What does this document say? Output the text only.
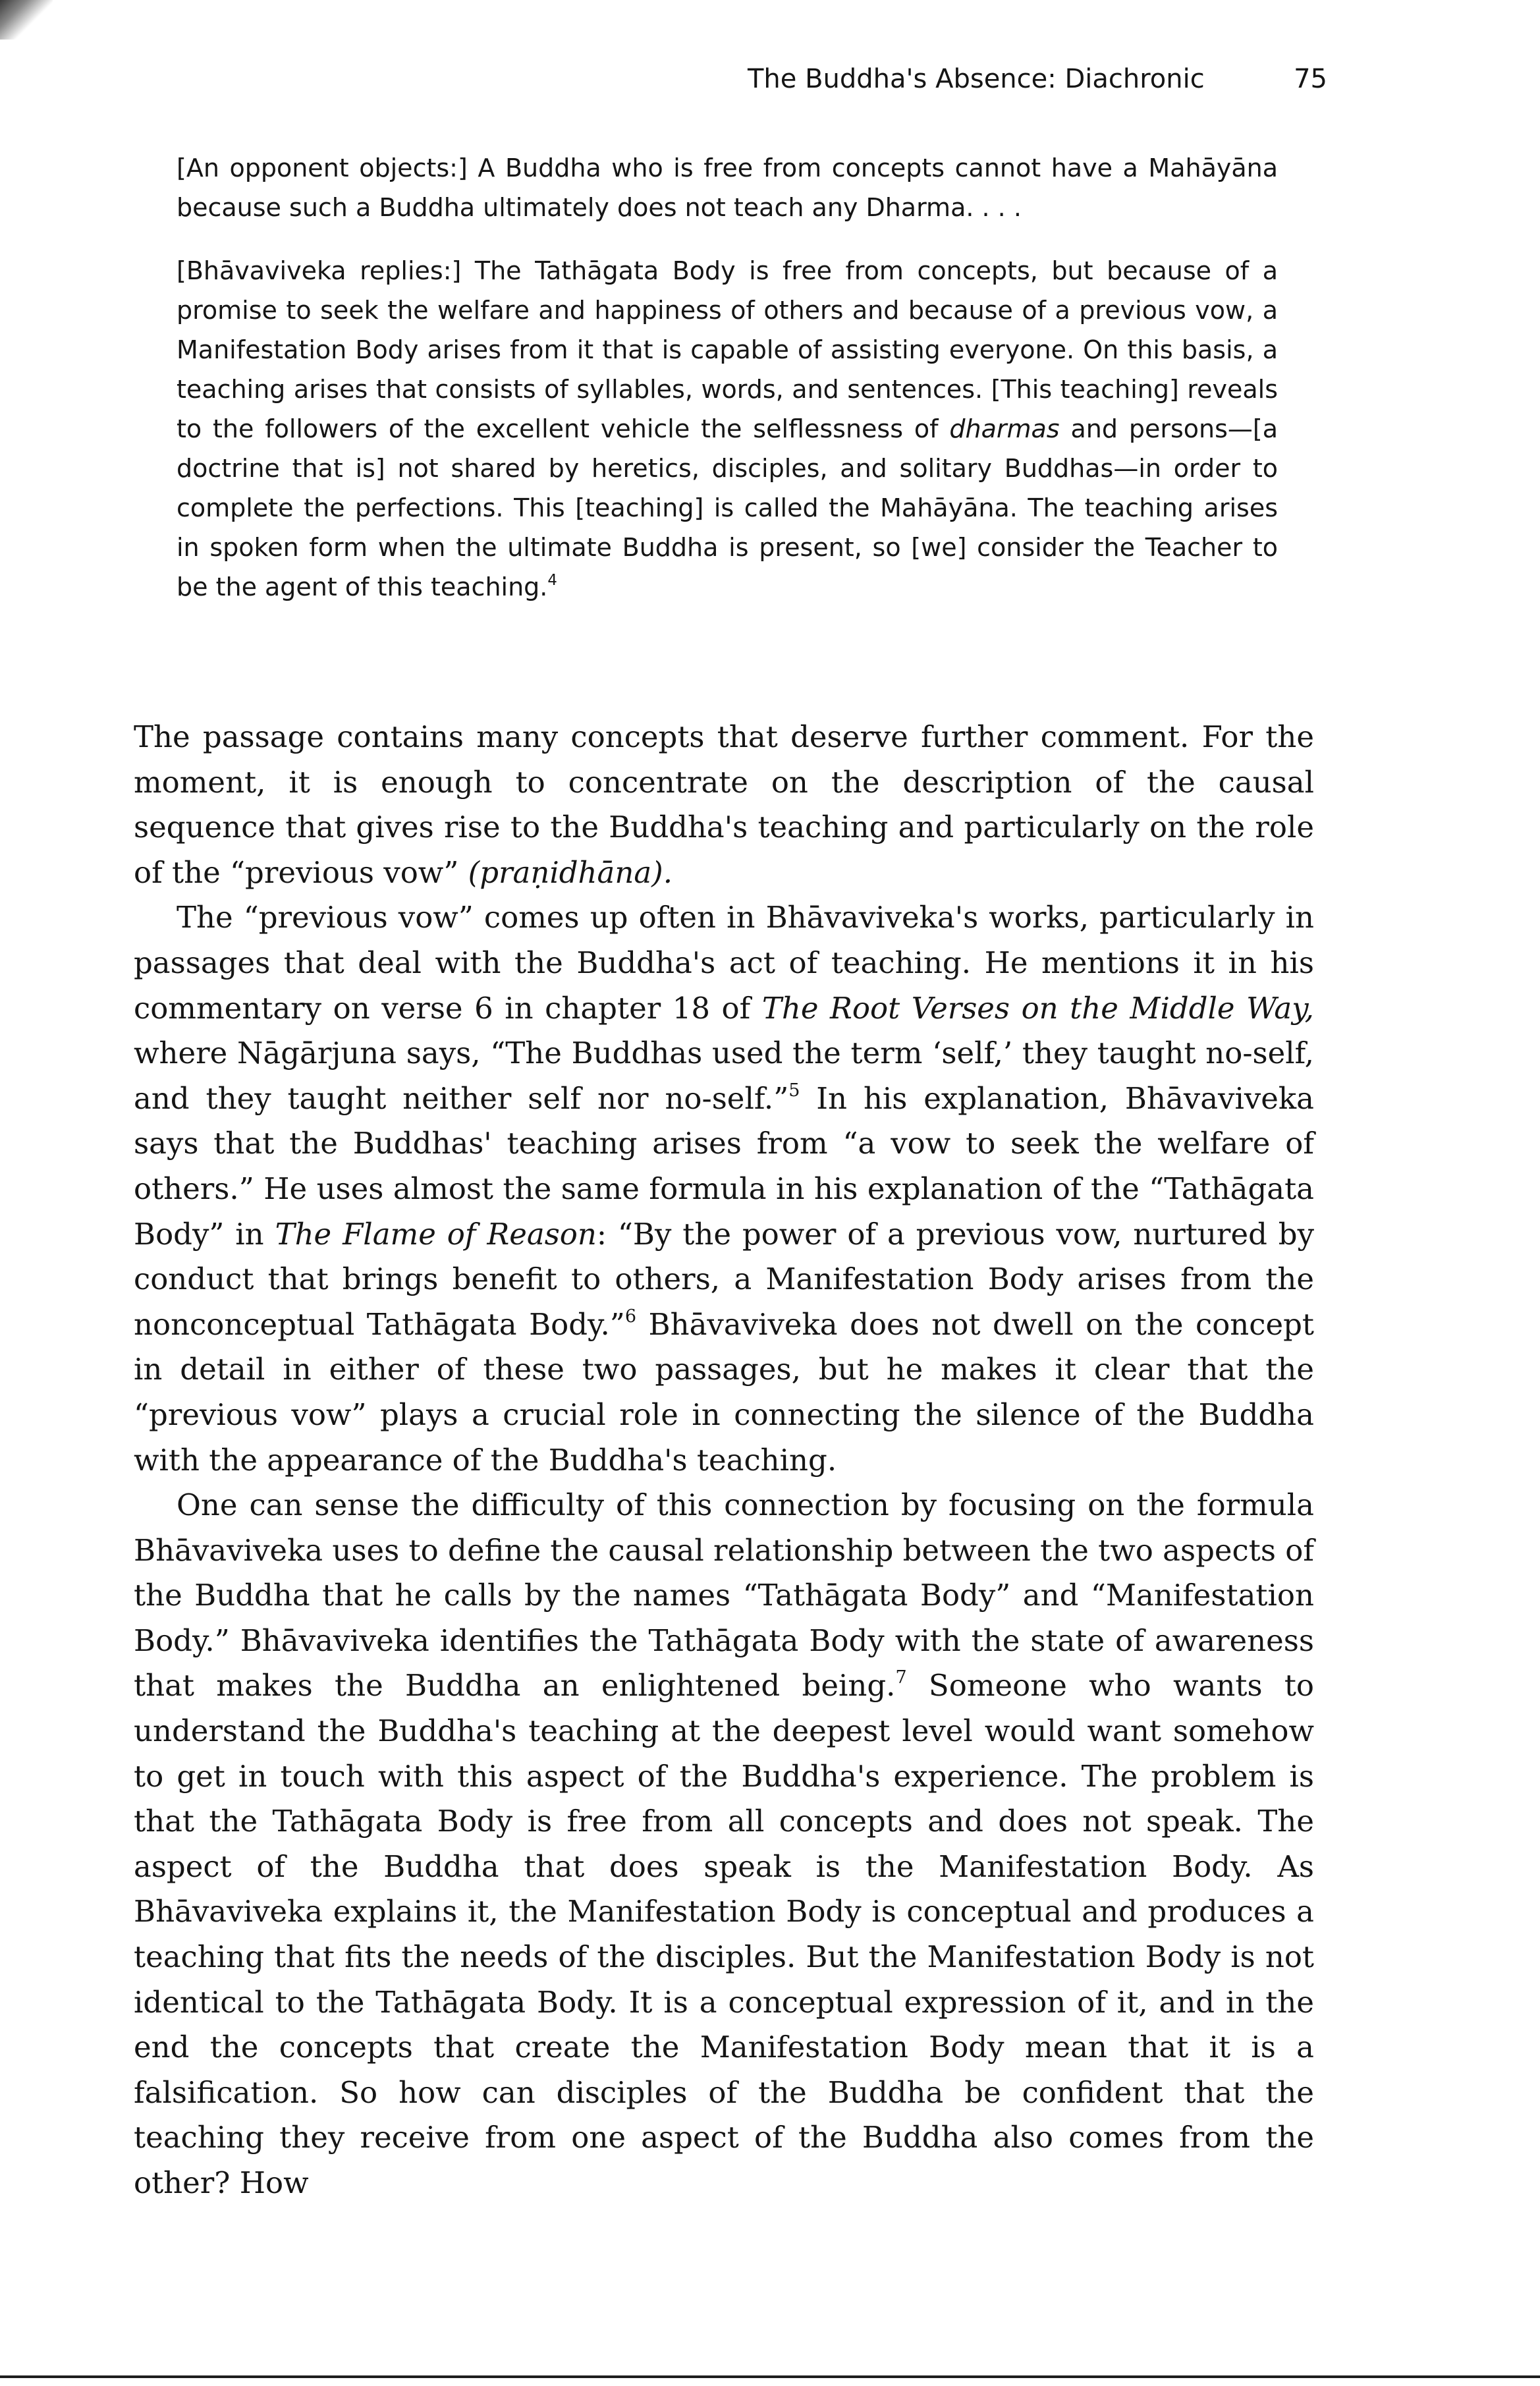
The Buddha's Absence: Diachronic	75

[An opponent objects:] A Buddha who is free from concepts cannot have a Mahāyāna because such a Buddha ultimately does not teach any Dharma. . . .

[Bhāvaviveka replies:] The Tathāgata Body is free from concepts, but because of a promise to seek the welfare and happiness of others and because of a previous vow, a Manifestation Body arises from it that is capable of assisting everyone. On this basis, a teaching arises that consists of syllables, words, and sentences. [This teaching] reveals to the followers of the excellent vehicle the selflessness of dharmas and persons—[a doctrine that is] not shared by heretics, disciples, and solitary Buddhas—in order to complete the perfections. This [teaching] is called the Mahāyāna. The teaching arises in spoken form when the ultimate Buddha is present, so [we] consider the Teacher to be the agent of this teaching.$^4$

The passage contains many concepts that deserve further comment. For the moment, it is enough to concentrate on the description of the causal sequence that gives rise to the Buddha's teaching and particularly on the role of the “previous vow” (praṇidhāna).

The “previous vow” comes up often in Bhāvaviveka's works, particularly in passages that deal with the Buddha's act of teaching. He mentions it in his commentary on verse 6 in chapter 18 of The Root Verses on the Middle Way, where Nāgārjuna says, “The Buddhas used the term ‘self,’ they taught no-self, and they taught neither self nor no-self.”$^5$ In his explanation, Bhāvaviveka says that the Buddhas' teaching arises from “a vow to seek the welfare of others.” He uses almost the same formula in his explanation of the “Tathāgata Body” in The Flame of Reason: “By the power of a previous vow, nurtured by conduct that brings benefit to others, a Manifestation Body arises from the nonconceptual Tathāgata Body.”$^6$ Bhāvaviveka does not dwell on the concept in detail in either of these two passages, but he makes it clear that the “previous vow” plays a crucial role in connecting the silence of the Buddha with the appearance of the Buddha's teaching.

One can sense the difficulty of this connection by focusing on the formula Bhāvaviveka uses to define the causal relationship between the two aspects of the Buddha that he calls by the names “Tathāgata Body” and “Manifestation Body.” Bhāvaviveka identifies the Tathāgata Body with the state of awareness that makes the Buddha an enlightened being.$^7$ Someone who wants to understand the Buddha's teaching at the deepest level would want somehow to get in touch with this aspect of the Buddha's experience. The problem is that the Tathāgata Body is free from all concepts and does not speak. The aspect of the Buddha that does speak is the Manifestation Body. As Bhāvaviveka explains it, the Manifestation Body is conceptual and produces a teaching that fits the needs of the disciples. But the Manifestation Body is not identical to the Tathāgata Body. It is a conceptual expression of it, and in the end the concepts that create the Manifestation Body mean that it is a falsification. So how can disciples of the Buddha be confident that the teaching they receive from one aspect of the Buddha also comes from the other? How
